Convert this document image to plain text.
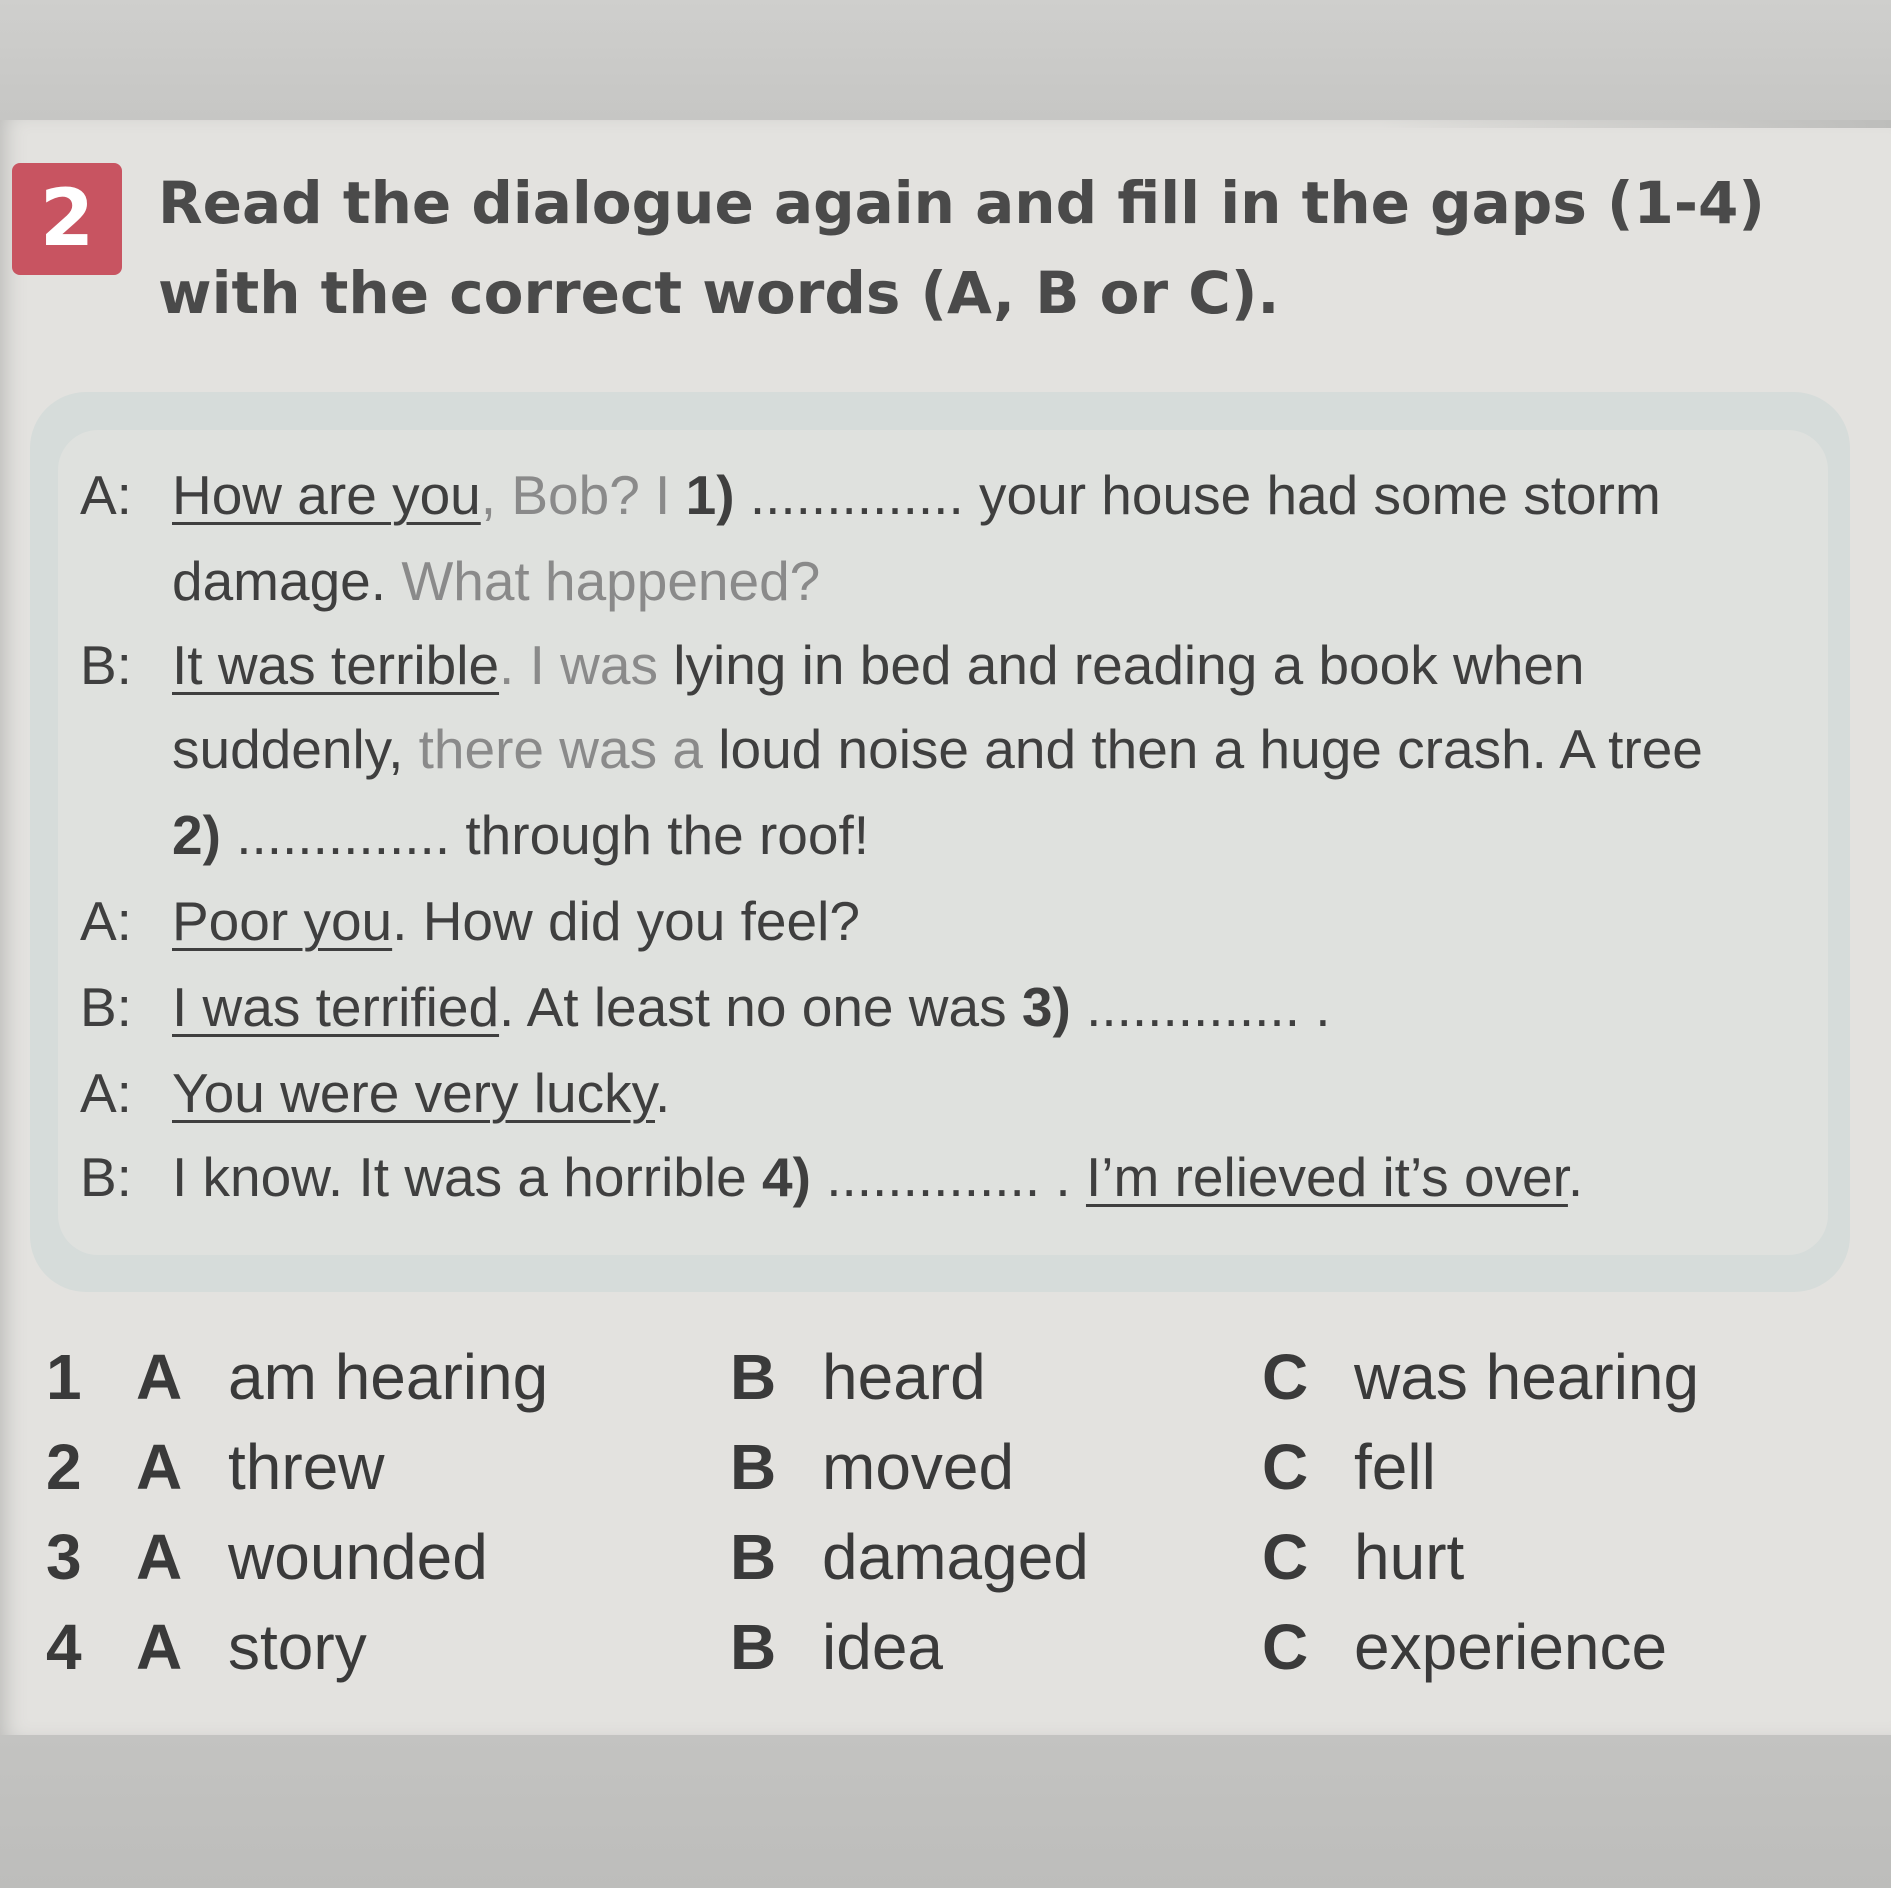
2	Read the dialogue again and fill in the gaps (1-4) with the correct words (A, B or C).

A: How are you, Bob? I 1) .............. your house had some storm
damage. What happened?
B: It was terrible. I was lying in bed and reading a book when
suddenly, there was a loud noise and then a huge crash. A tree
2) .............. through the roof!
A: Poor you. How did you feel?
B: I was terrified. At least no one was 3) .............. .
A: You were very lucky.
B: I know. It was a horrible 4) .............. . I’m relieved it’s over.
1 A am hearing	B heard	C was hearing
2 A threw	B moved	C fell
3 A wounded	B damaged	C hurt
4 A story	B idea	C experience
